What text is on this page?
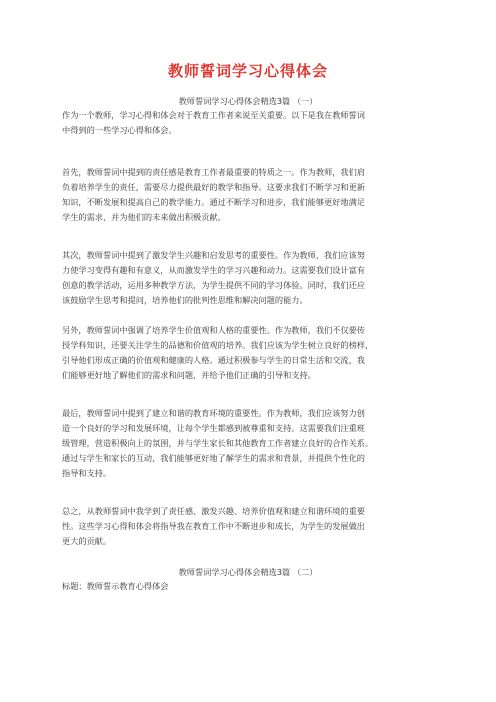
教师誓词学习心得体会
教师誓词学习心得体会精选3篇 （一）
作为一个教师，学习心得和体会对于教育工作者来说至关重要。以下是我在教师誓词
中得到的一些学习心得和体会。
首先，教师誓词中提到的责任感是教育工作者最重要的特质之一。作为教师，我们肩
负着培养学生的责任，需要尽力提供最好的教学和指导。这要求我们不断学习和更新
知识，不断发展和提高自己的教学能力。通过不断学习和进步，我们能够更好地满足
学生的需求，并为他们的未来做出积极贡献。
其次，教师誓词中提到了激发学生兴趣和启发思考的重要性。作为教师，我们应该努
力使学习变得有趣和有意义，从而激发学生的学习兴趣和动力。这需要我们设计富有
创意的教学活动，运用多种教学方法，为学生提供不同的学习体验。同时，我们还应
该鼓励学生思考和提问，培养他们的批判性思维和解决问题的能力。
另外，教师誓词中强调了培养学生价值观和人格的重要性。作为教师，我们不仅要传
授学科知识，还要关注学生的品德和价值观的培养。我们应该为学生树立良好的榜样，
引导他们形成正确的价值观和健康的人格。通过积极参与学生的日常生活和交流，我
们能够更好地了解他们的需求和问题，并给予他们正确的引导和支持。
最后，教师誓词中提到了建立和谐的教育环境的重要性。作为教师，我们应该努力创
造一个良好的学习和发展环境，让每个学生都感到被尊重和支持。这需要我们注重班
级管理，营造积极向上的氛围，并与学生家长和其他教育工作者建立良好的合作关系。
通过与学生和家长的互动，我们能够更好地了解学生的需求和背景，并提供个性化的
指导和支持。
总之，从教师誓词中我学到了责任感、激发兴趣、培养价值观和建立和谐环境的重要
性。这些学习心得和体会将指导我在教育工作中不断进步和成长，为学生的发展做出
更大的贡献。
教师誓词学习心得体会精选3篇 （二）
标题：教师誓示教育心得体会
